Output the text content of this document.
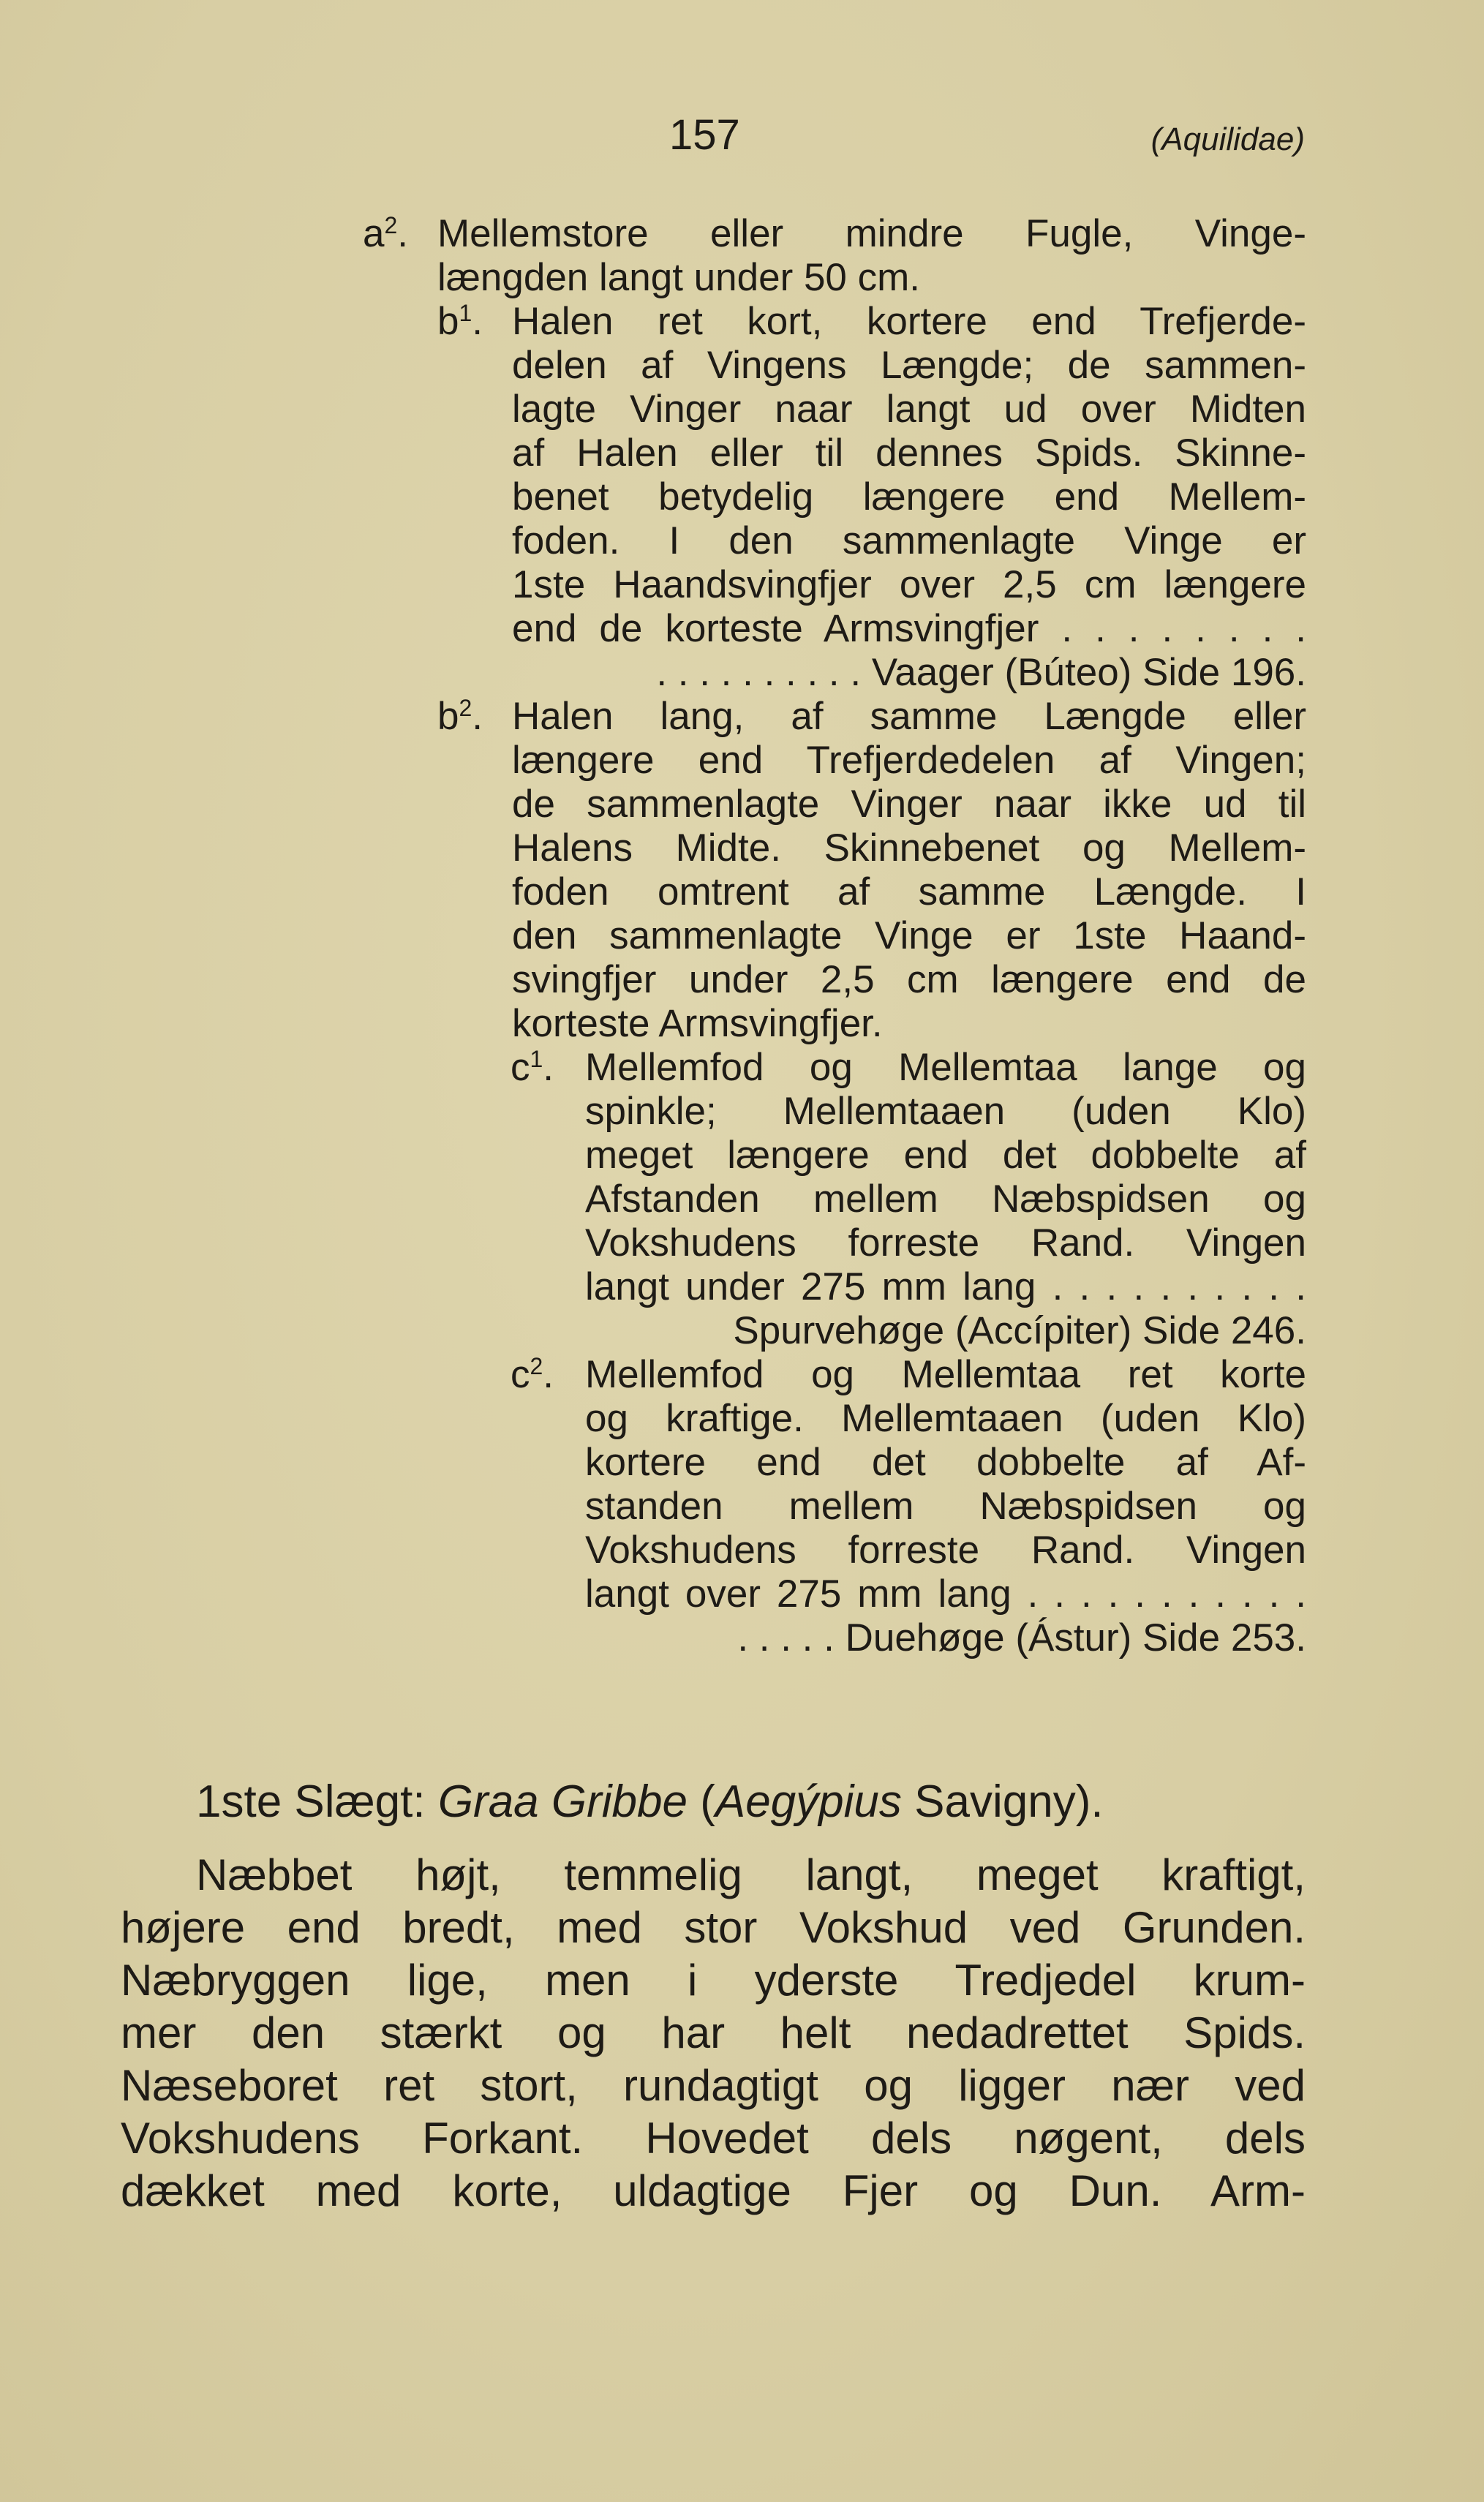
157	(Aquilidae)
$a^2$. Mellemstore eller mindre Fugle, Vinge-
længden langt under 50 cm.
$b^1$. Halen ret kort, kortere end Trefjerde-
delen af Vingens Længde; de sammen-
lagte Vinger naar langt ud over Midten
af Halen eller til dennes Spids. Skinne-
benet betydelig længere end Mellem-
foden. I den sammenlagte Vinge er
1ste Haandsvingfjer over 2,5 cm længere
end de korteste Armsvingfjer . . . . . . . .
. . . . . . . . . . Vaager (Búteo) Side 196.
$b^2$. Halen lang, af samme Længde eller
længere end Trefjerdedelen af Vingen;
de sammenlagte Vinger naar ikke ud til
Halens Midte. Skinnebenet og Mellem-
foden omtrent af samme Længde. I
den sammenlagte Vinge er 1ste Haand-
svingfjer under 2,5 cm længere end de
korteste Armsvingfjer.
$c^1$. Mellemfod og Mellemtaa lange og
spinkle; Mellemtaaen (uden Klo)
meget længere end det dobbelte af
Afstanden mellem Næbspidsen og
Vokshudens forreste Rand. Vingen
langt under 275 mm lang . . . . . . . . . .
Spurvehøge (Accípiter) Side 246.
$c^2$. Mellemfod og Mellemtaa ret korte
og kraftige. Mellemtaaen (uden Klo)
kortere end det dobbelte af Af-
standen mellem Næbspidsen og
Vokshudens forreste Rand. Vingen
langt over 275 mm lang . . . . . . . . . . .
. . . . . Duehøge (Ástur) Side 253.
1ste Slægt: Graa Gribbe (Aegýpius Savigny).
Næbbet højt, temmelig langt, meget kraftigt,
højere end bredt, med stor Vokshud ved Grunden.
Næbryggen lige, men i yderste Tredjedel krum-
mer den stærkt og har helt nedadrettet Spids.
Næseboret ret stort, rundagtigt og ligger nær ved
Vokshudens Forkant. Hovedet dels nøgent, dels
dækket med korte, uldagtige Fjer og Dun. Arm-
